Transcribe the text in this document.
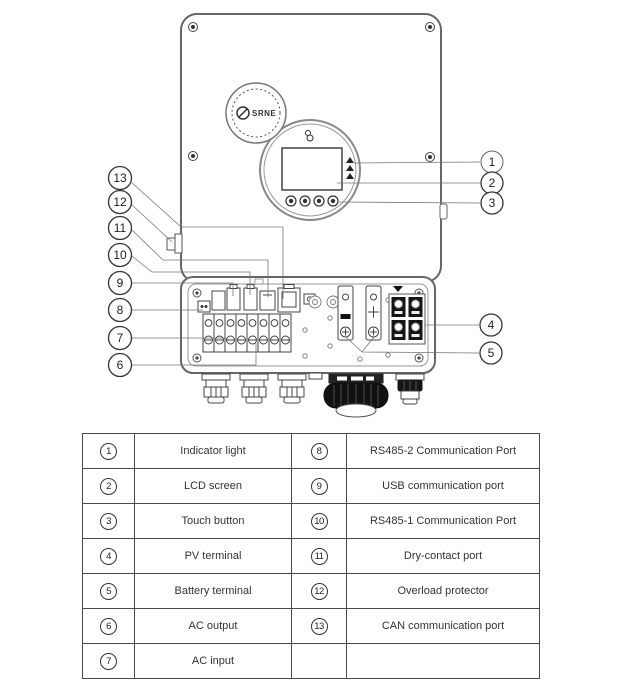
SRNE
1
2
3
4
5
13
12
11
10
9
8
7
6
1	Indicator light	8	RS485-2 Communication Port
2	LCD screen	9	USB communication port
3	Touch button	10	RS485-1 Communication Port
4	PV terminal	11	Dry-contact port
5	Battery terminal	12	Overload protector
6	AC output	13	CAN communication port
7	AC input		
